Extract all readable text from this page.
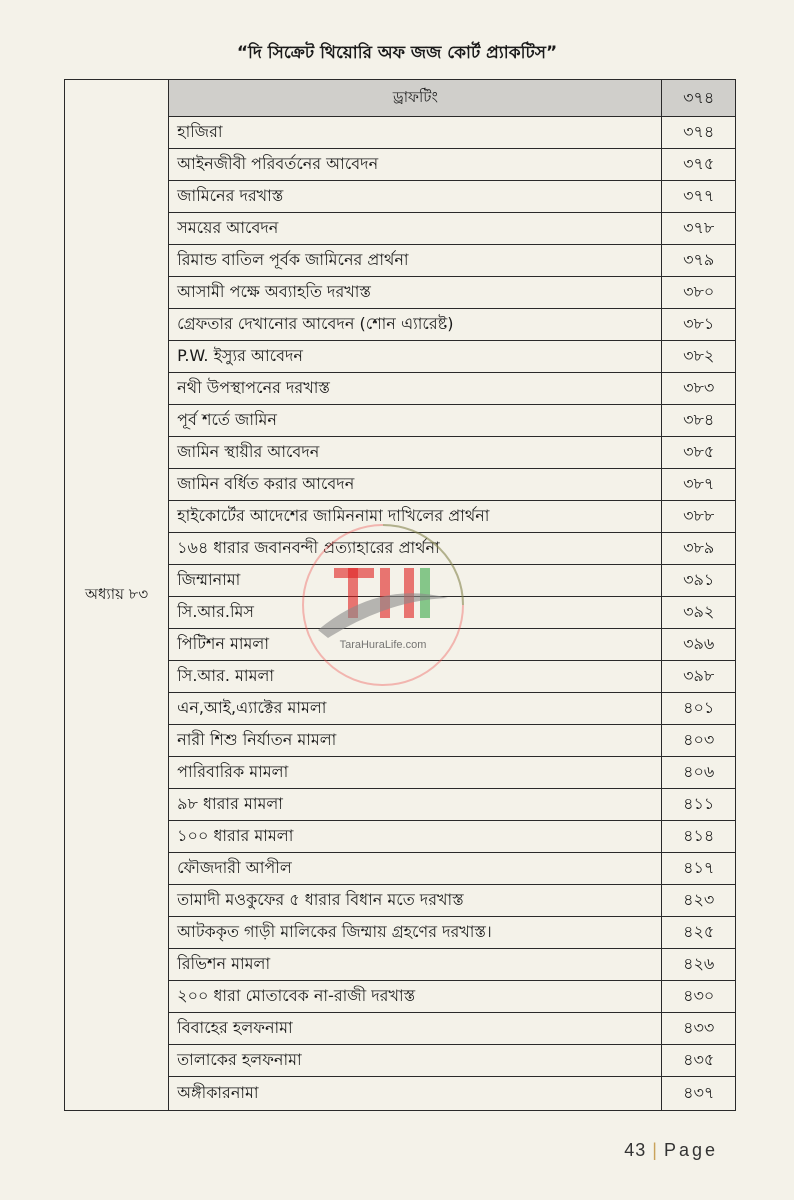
“দি সিক্রেট থিয়োরি অফ জজ কোর্ট প্র্যাকটিস”
অধ্যায় ৮৩	ড্রাফটিং	৩৭৪
	হাজিরা	৩৭৪
	আইনজীবী পরিবর্তনের আবেদন	৩৭৫
	জামিনের দরখাস্ত	৩৭৭
	সময়ের আবেদন	৩৭৮
	রিমান্ড বাতিল পূর্বক জামিনের প্রার্থনা	৩৭৯
	আসামী পক্ষে অব্যাহতি দরখাস্ত	৩৮০
	গ্রেফতার দেখানোর আবেদন (শোন এ্যারেষ্ট)	৩৮১
	P.W. ইস্যুর আবেদন	৩৮২
	নথী উপস্থাপনের দরখাস্ত	৩৮৩
	পূর্ব শর্তে জামিন	৩৮৪
	জামিন স্থায়ীর আবেদন	৩৮৫
	জামিন বর্ধিত করার আবেদন	৩৮৭
	হাইকোর্টের আদেশের জামিননামা দাখিলের প্রার্থনা	৩৮৮
	১৬৪ ধারার জবানবন্দী প্রত্যাহারের প্রার্থনা	৩৮৯
	জিম্মানামা	৩৯১
	সি.আর.মিস	৩৯২
	পিটিশন মামলা	৩৯৬
	সি.আর. মামলা	৩৯৮
	এন,আই,এ্যাক্টের মামলা	৪০১
	নারী শিশু নির্যাতন মামলা	৪০৩
	পারিবারিক মামলা	৪০৬
	৯৮ ধারার মামলা	৪১১
	১০০ ধারার মামলা	৪১৪
	ফৌজদারী আপীল	৪১৭
	তামাদী মওকুফের ৫ ধারার বিধান মতে দরখাস্ত	৪২৩
	আটককৃত গাড়ী মালিকের জিম্মায় গ্রহণের দরখাস্ত।	৪২৫
	রিভিশন মামলা	৪২৬
	২০০ ধারা মোতাবেক না-রাজী দরখাস্ত	৪৩০
	বিবাহের হলফনামা	৪৩৩
	তালাকের হলফনামা	৪৩৫
	অঙ্গীকারনামা	৪৩৭
TaraHuraLife.com
43 | Page
